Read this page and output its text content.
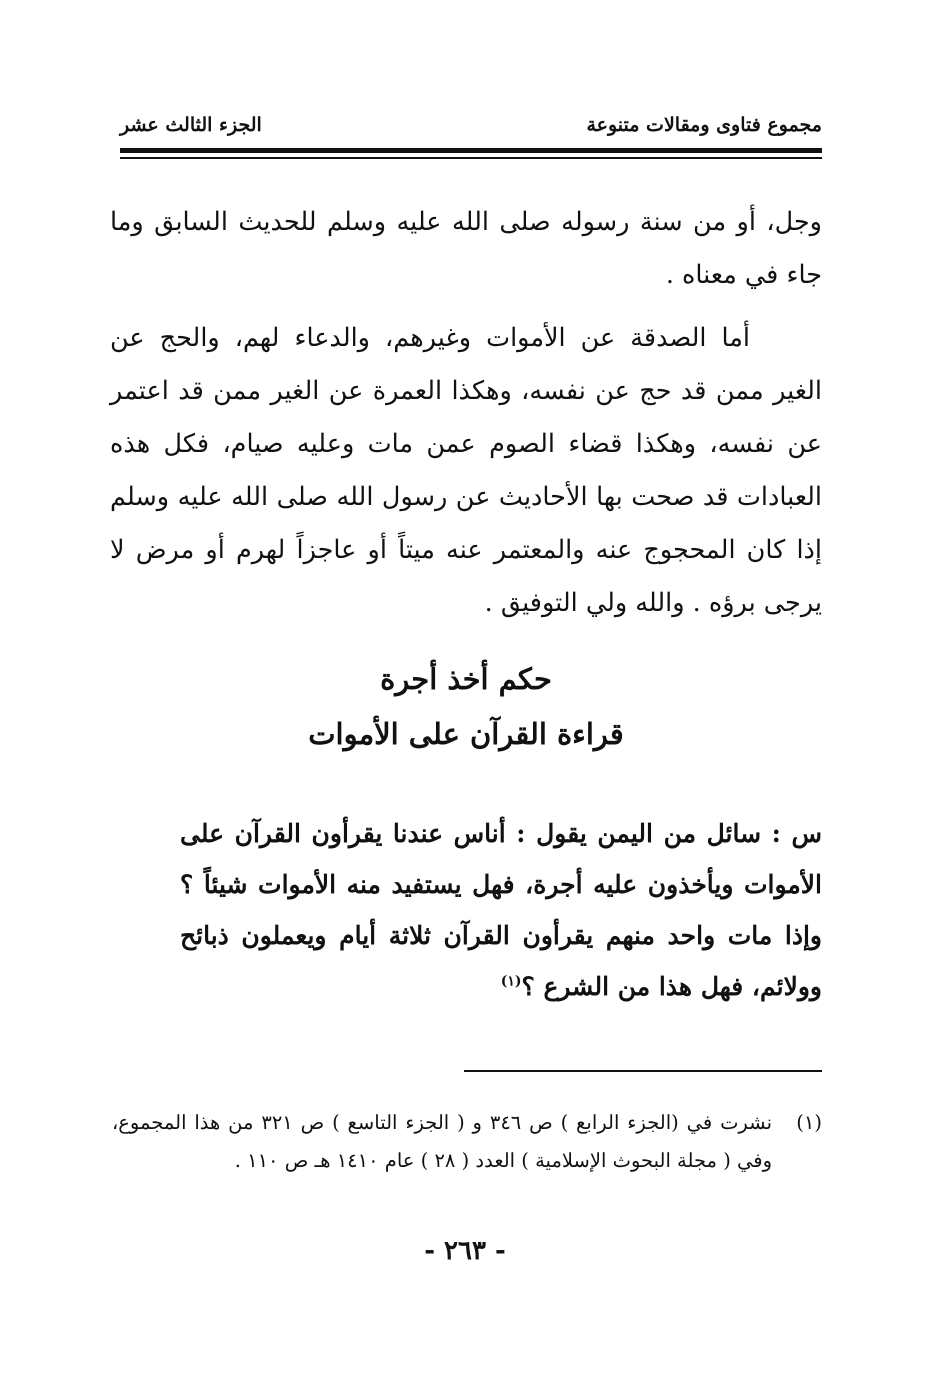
مجموع فتاوى ومقالات متنوعة
الجزء الثالث عشر

وجل، أو من سنة رسوله صلى الله عليه وسلم للحديث السابق وما جاء في معناه .

أما الصدقة عن الأموات وغيرهم، والدعاء لهم، والحج عن الغير ممن قد حج عن نفسه، وهكذا العمرة عن الغير ممن قد اعتمر عن نفسه، وهكذا قضاء الصوم عمن مات وعليه صيام، فكل هذه العبادات قد صحت بها الأحاديث عن رسول الله صلى الله عليه وسلم إذا كان المحجوج عنه والمعتمر عنه ميتاً أو عاجزاً لهرم أو مرض لا يرجى برؤه . والله ولي التوفيق .

حكم أخذ أجرة
قراءة القرآن على الأموات

س : سائل من اليمن يقول : أناس عندنا يقرأون القرآن على الأموات ويأخذون عليه أجرة، فهل يستفيد منه الأموات شيئاً ؟ وإذا مات واحد منهم يقرأون القرآن ثلاثة أيام ويعملون ذبائح وولائم، فهل هذا من الشرع ؟$^{(١)}$

(١)
نشرت في (الجزء الرابع ) ص ٣٤٦ و ( الجزء التاسع ) ص ٣٢١ من هذا المجموع، وفي ( مجلة البحوث الإسلامية ) العدد ( ٢٨ ) عام ١٤١٠ هـ ص ١١٠ .

- ٢٦٣ -
